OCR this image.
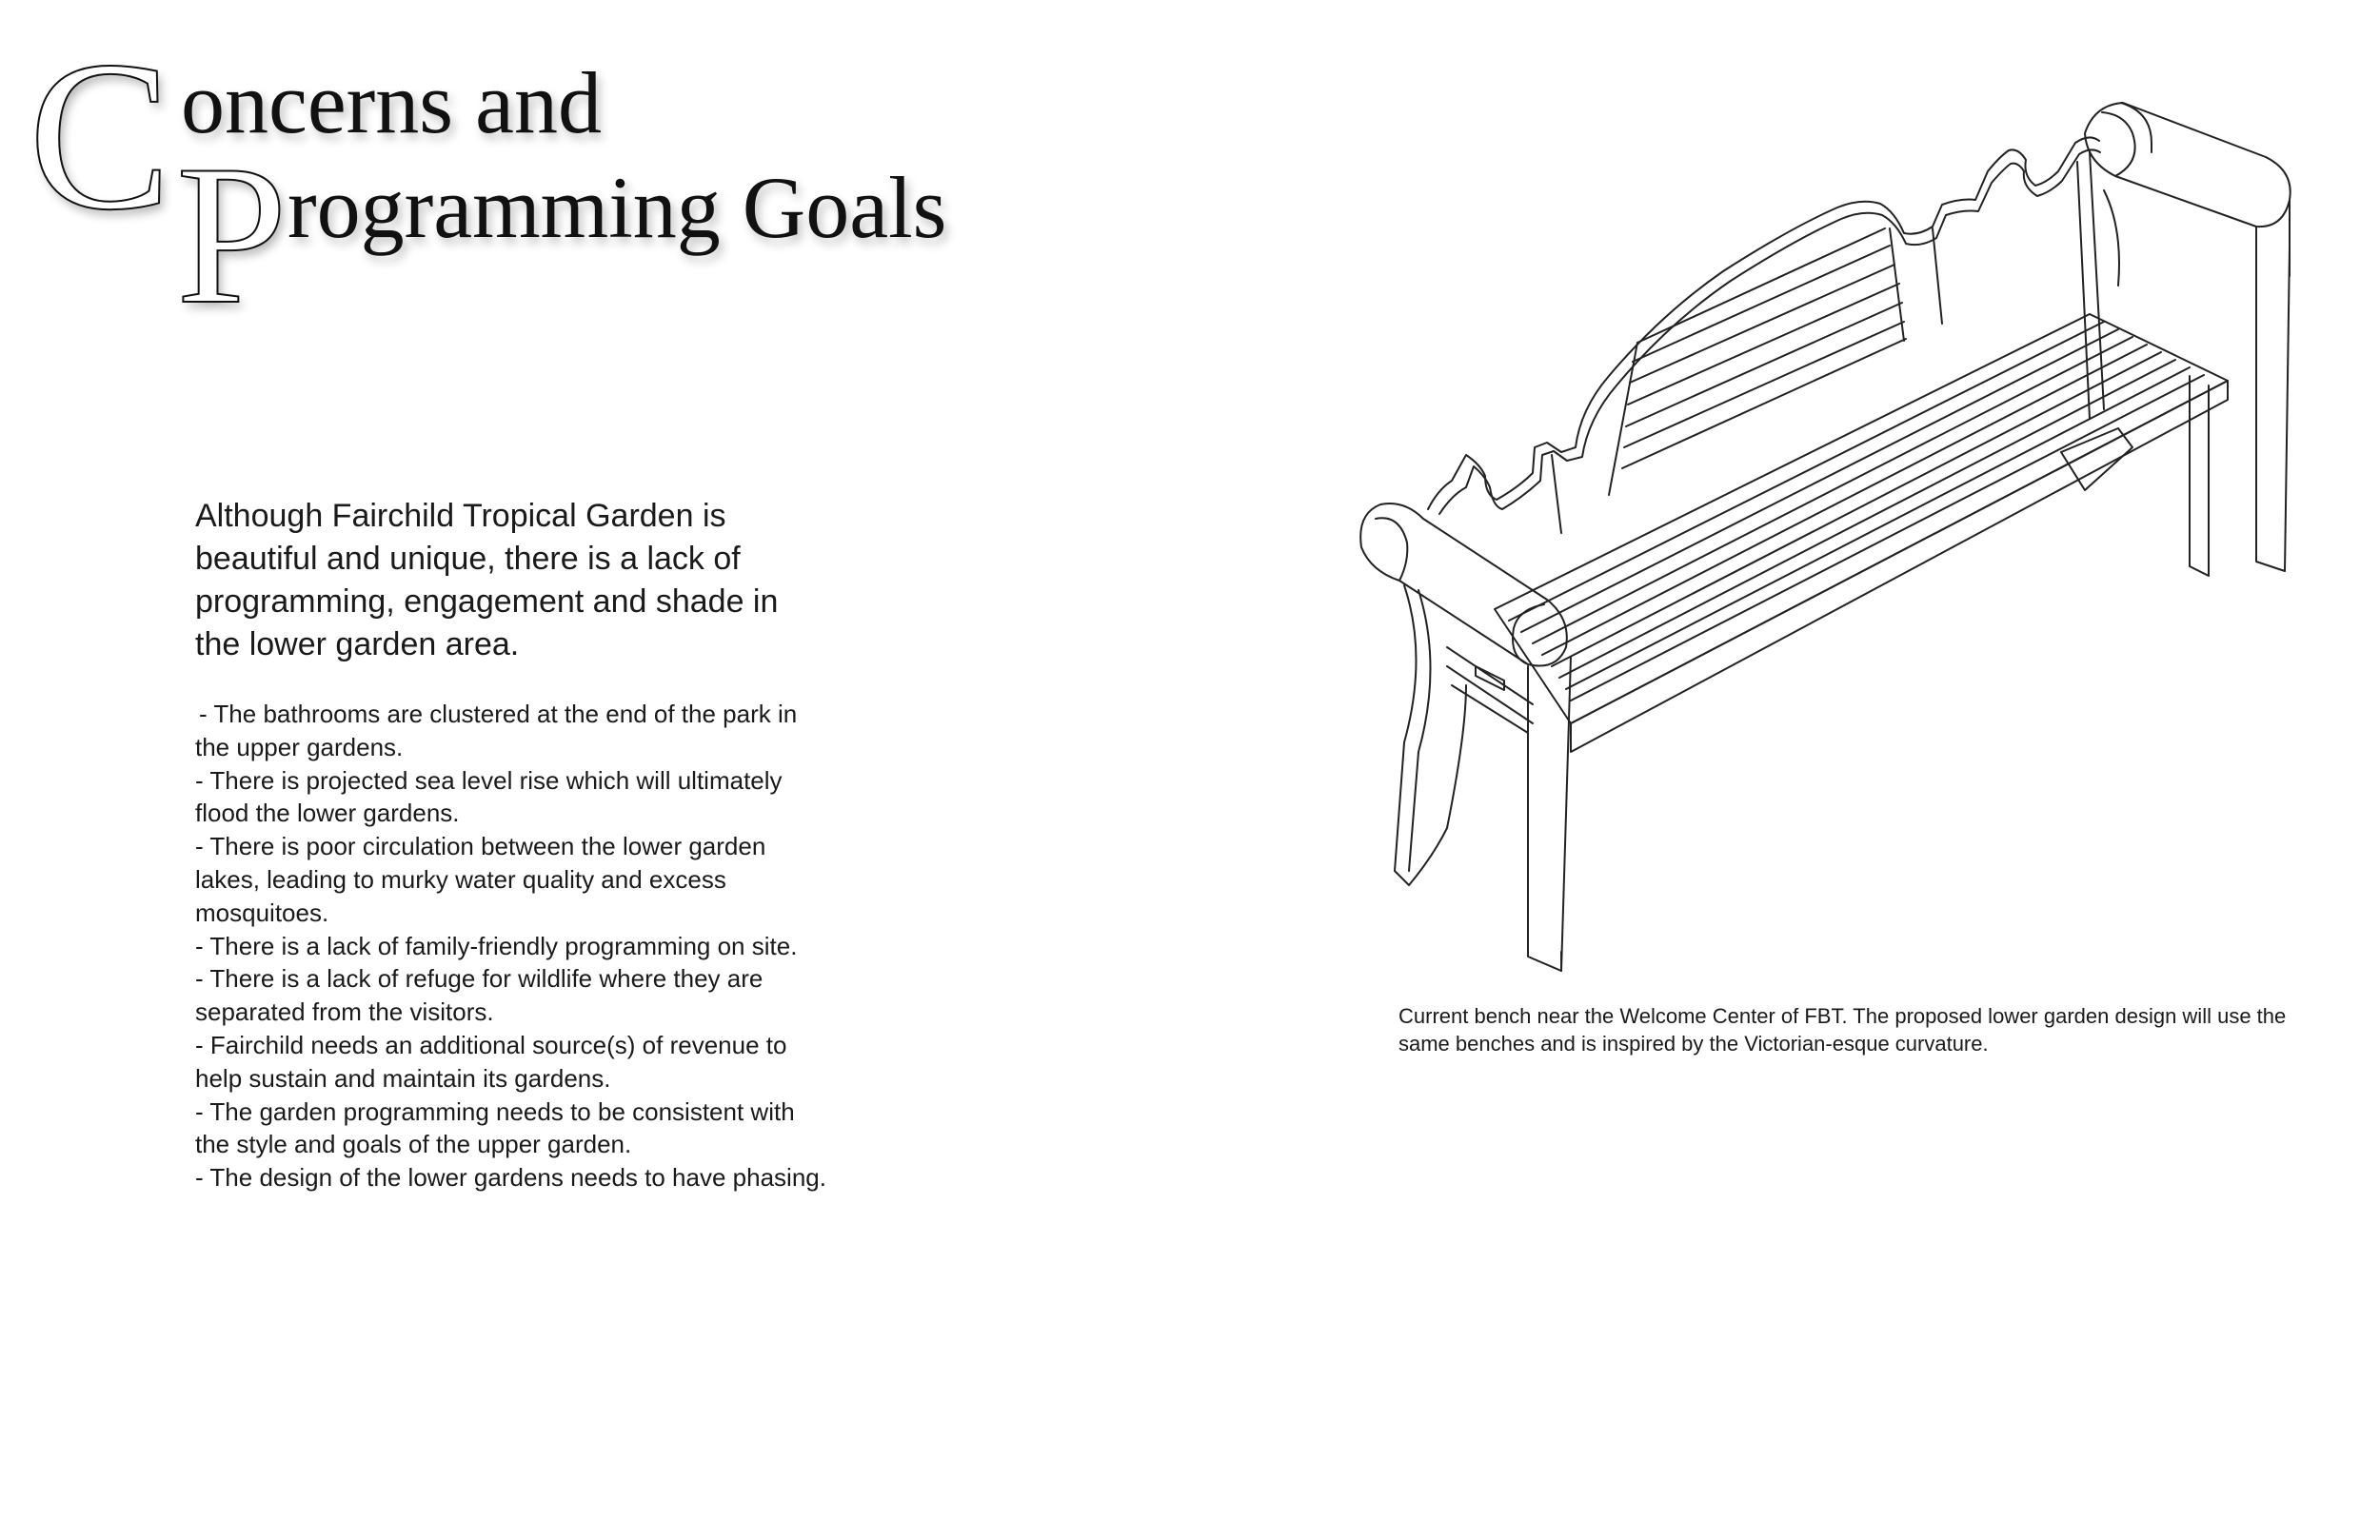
C oncerns and
P rogramming Goals

Although Fairchild Tropical Garden is beautiful and unique, there is a lack of programming, engagement and shade in the lower garden area.

- The bathrooms are clustered at the end of the park in the upper gardens.
- There is projected sea level rise which will ultimately flood the lower gardens.
- There is poor circulation between the lower garden lakes, leading to murky water quality and excess mosquitoes.
- There is a lack of family-friendly programming on site.
- There is a lack of refuge for wildlife where they are separated from the visitors.
- Fairchild needs an additional source(s) of revenue to help sustain and maintain its gardens.
- The garden programming needs to be consistent with the style and goals of the upper garden.
- The design of the lower gardens needs to have phasing.

Current bench near the Welcome Center of FBT. The proposed lower garden design will use the same benches and is inspired by the Victorian-esque curvature.
